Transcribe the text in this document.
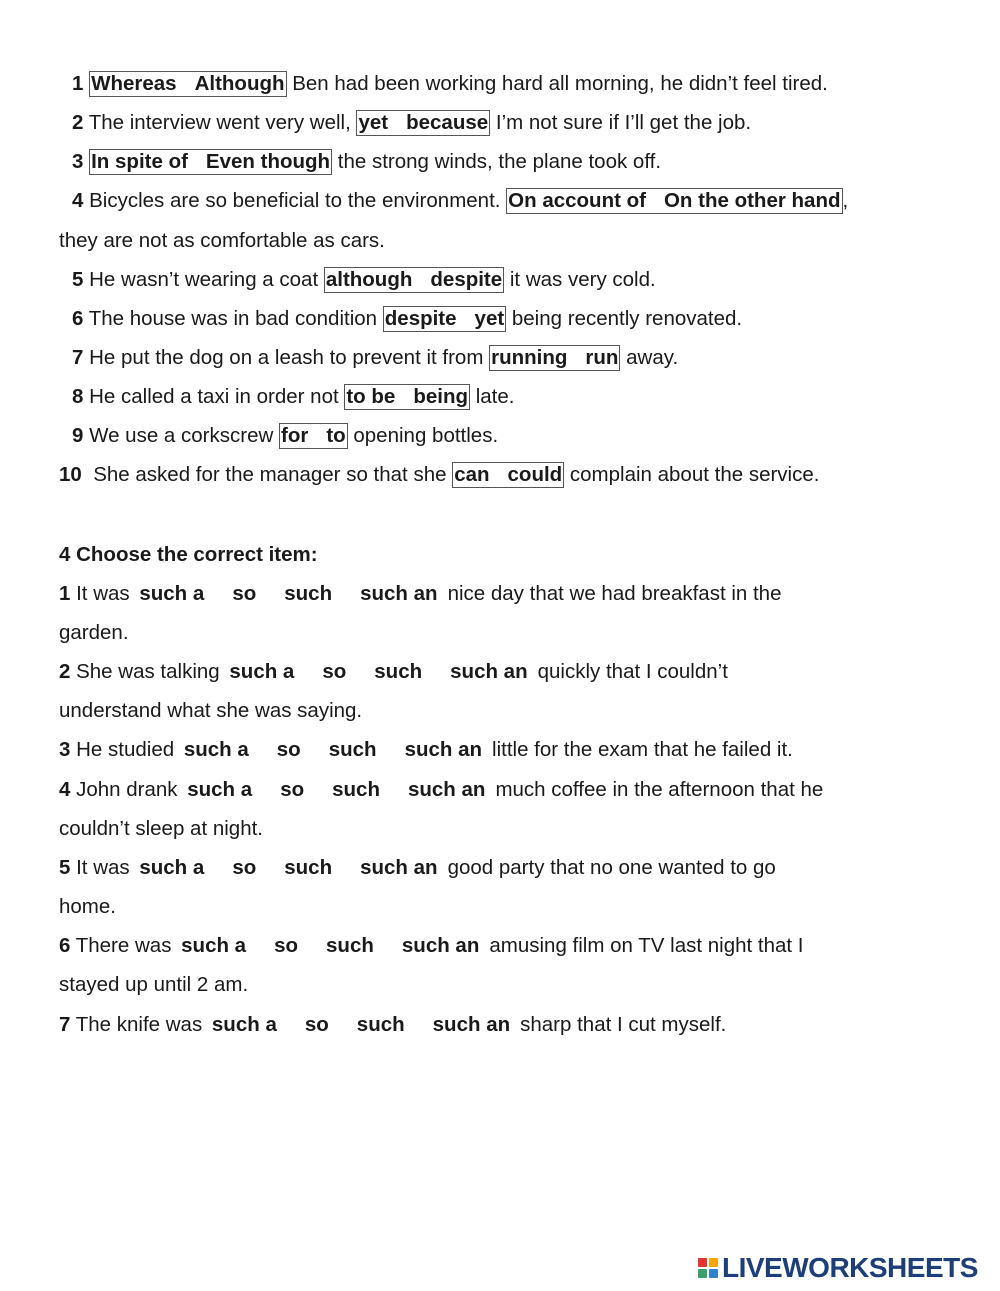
1 Whereas Although Ben had been working hard all morning, he didn’t feel tired.
2 The interview went very well, yet because I’m not sure if I’ll get the job.
3 In spite of Even though the strong winds, the plane took off.
4 Bicycles are so beneficial to the environment. On account of On the other hand,
they are not as comfortable as cars.
5 He wasn’t wearing a coat although despite it was very cold.
6 The house was in bad condition despite yet being recently renovated.
7 He put the dog on a leash to prevent it from running run away.
8 He called a taxi in order not to be being late.
9 We use a corkscrew for to opening bottles.
10 She asked for the manager so that she can could complain about the service.
4 Choose the correct item:
1 It was such a so such such an nice day that we had breakfast in the
garden.
2 She was talking such a so such such an quickly that I couldn’t
understand what she was saying.
3 He studied such a so such such an little for the exam that he failed it.
4 John drank such a so such such an much coffee in the afternoon that he
couldn’t sleep at night.
5 It was such a so such such an good party that no one wanted to go
home.
6 There was such a so such such an amusing film on TV last night that I
stayed up until 2 am.
7 The knife was such a so such such an sharp that I cut myself.
LIVEWORKSHEETS
